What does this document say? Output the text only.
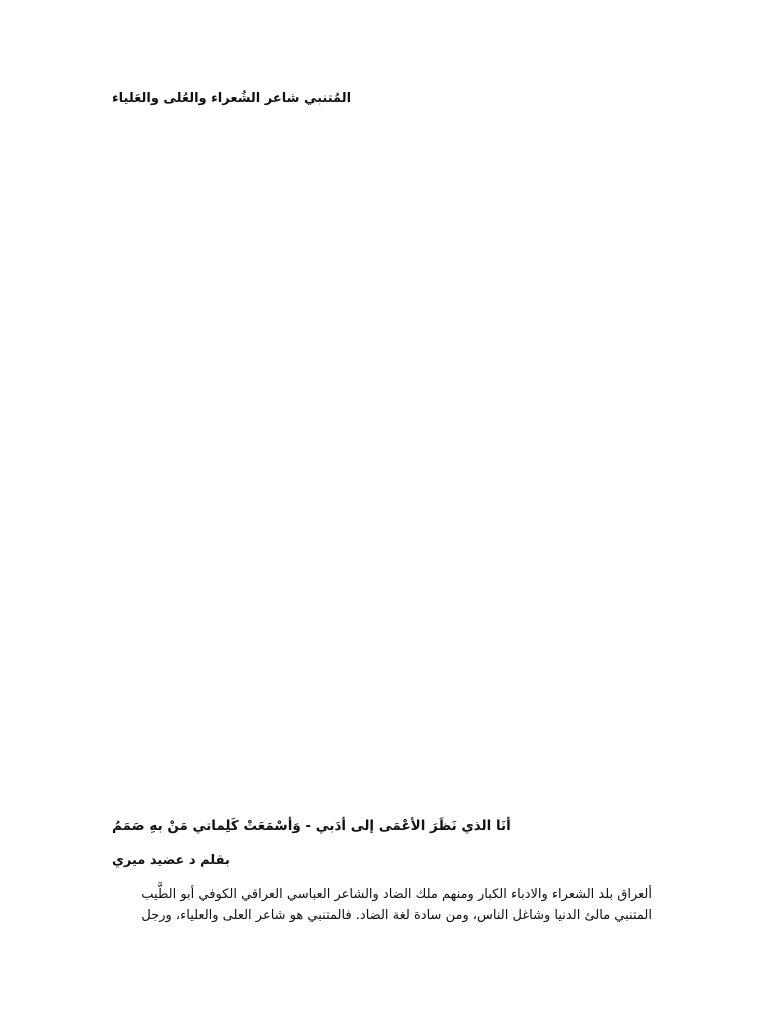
المُتنبي شاعر الشُعراء والعُلى والعَلياء
أنَا الذي نَظَرَ الأعْمَى إلى أدَبي - وَأسْمَعَتْ كَلِماتي مَنْ بهِ صَمَمُ
بقلم د عضيد ميري
ألعراق بلد الشعراء والادباء الكبار ومنهم ملك الضاد والشاعر العباسي العراقي الكوفي أبو الطَّيب
المتنبي مالئ الدنيا وشاغل الناس، ومن سادة لغة الضاد. فالمتنبي هو شاعر العلى والعلياء، ورجل
